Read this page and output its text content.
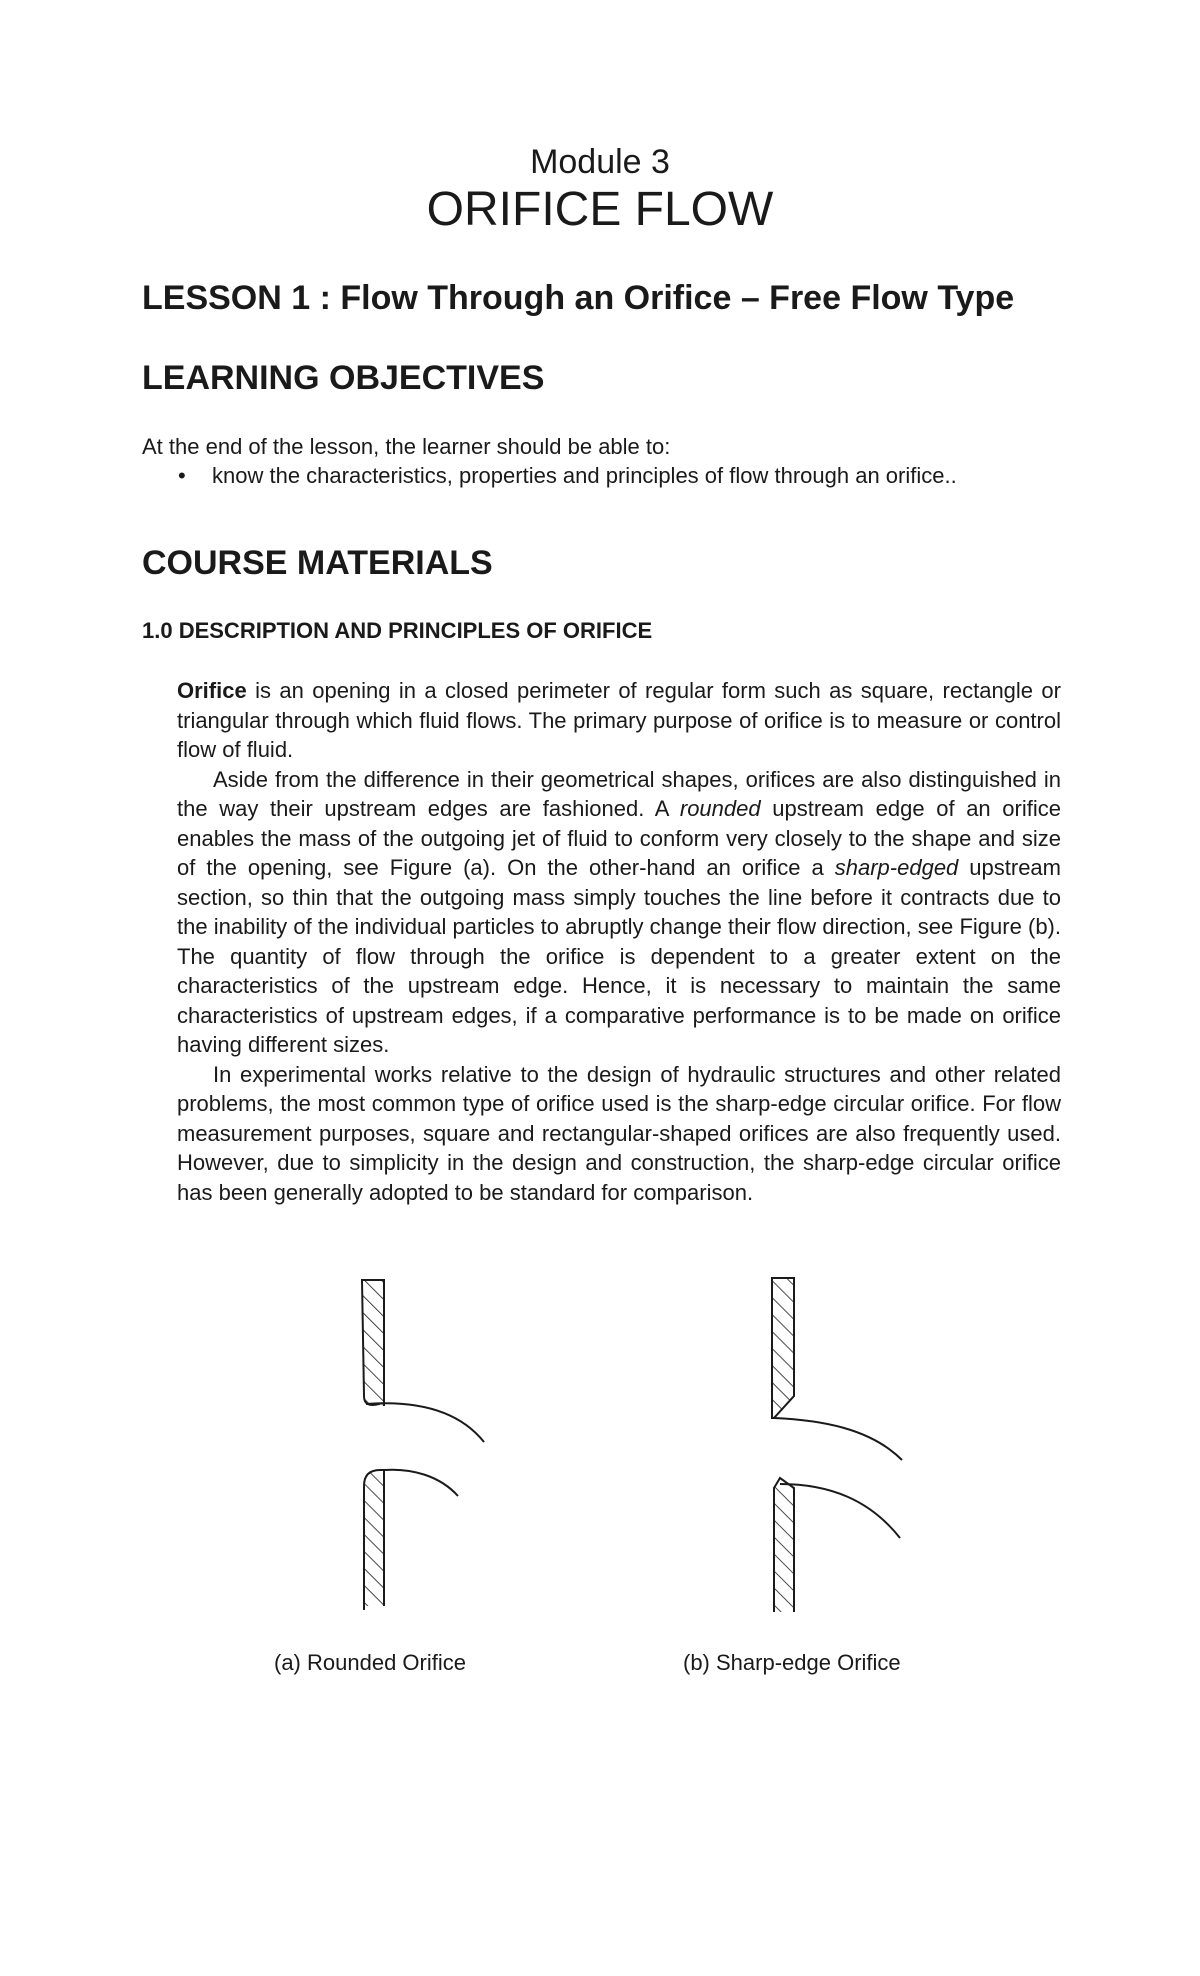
Module 3
ORIFICE FLOW
LESSON 1 : Flow Through an Orifice – Free Flow Type
LEARNING OBJECTIVES
At the end of the lesson, the learner should be able to:
• know the characteristics, properties and principles of flow through an orifice..
COURSE MATERIALS
1.0 DESCRIPTION AND PRINCIPLES OF ORIFICE

Orifice is an opening in a closed perimeter of regular form such as square, rectangle or triangular through which fluid flows. The primary purpose of orifice is to measure or control flow of fluid.

Aside from the difference in their geometrical shapes, orifices are also distinguished in the way their upstream edges are fashioned. A rounded upstream edge of an orifice enables the mass of the outgoing jet of fluid to conform very closely to the shape and size of the opening, see Figure (a). On the other-hand an orifice a sharp-edged upstream section, so thin that the outgoing mass simply touches the line before it contracts due to the inability of the individual particles to abruptly change their flow direction, see Figure (b). The quantity of flow through the orifice is dependent to a greater extent on the characteristics of the upstream edge. Hence, it is necessary to maintain the same characteristics of upstream edges, if a comparative performance is to be made on orifice having different sizes.

In experimental works relative to the design of hydraulic structures and other related problems, the most common type of orifice used is the sharp-edge circular orifice. For flow measurement purposes, square and rectangular-shaped orifices are also frequently used. However, due to simplicity in the design and construction, the sharp-edge circular orifice has been generally adopted to be standard for comparison.

(a) Rounded Orifice	(b) Sharp-edge Orifice
